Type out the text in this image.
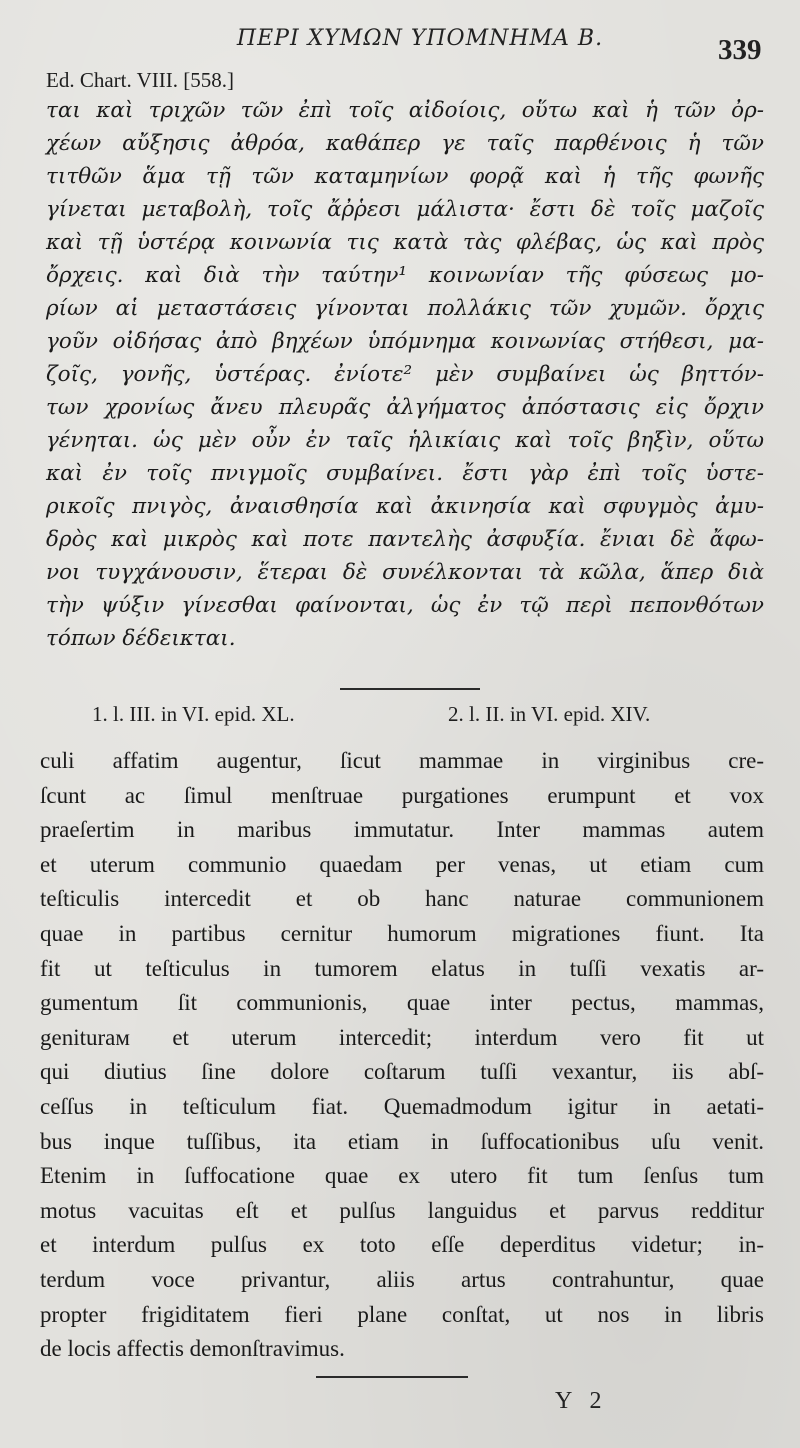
ΠΕΡΙ ΧΥΜΩΝ ΥΠΟΜΝΗΜΑ Β.	339
Ed. Chart. VIII. [558.]
ται καὶ τριχῶν τῶν ἐπὶ τοῖς αἰδοίοις, οὕτω καὶ ἡ τῶν ὀρ-
χέων αὔξησις ἀθρόα, καθάπερ γε ταῖς παρθένοις ἡ τῶν
τιτθῶν ἅμα τῇ τῶν καταμηνίων φορᾷ καὶ ἡ τῆς φωνῆς
γίνεται μεταβολὴ, τοῖς ἄῤῥεσι μάλιστα· ἔστι δὲ τοῖς μαζοῖς
καὶ τῇ ὑστέρᾳ κοινωνία τις κατὰ τὰς φλέβας, ὡς καὶ πρὸς
ὄρχεις. καὶ διὰ τὴν ταύτην¹ κοινωνίαν τῆς φύσεως μο-
ρίων αἱ μεταστάσεις γίνονται πολλάκις τῶν χυμῶν. ὄρχις
γοῦν οἰδήσας ἀπὸ βηχέων ὑπόμνημα κοινωνίας στήθεσι, μα-
ζοῖς, γονῆς, ὑστέρας. ἐνίοτε² μὲν συμβαίνει ὡς βηττόν-
των χρονίως ἄνευ πλευρᾶς ἀλγήματος ἀπόστασις εἰς ὄρχιν
γένηται. ὡς μὲν οὖν ἐν ταῖς ἡλικίαις καὶ τοῖς βηξὶν, οὕτω
καὶ ἐν τοῖς πνιγμοῖς συμβαίνει. ἔστι γὰρ ἐπὶ τοῖς ὑστε-
ρικοῖς πνιγὸς, ἀναισθησία καὶ ἀκινησία καὶ σφυγμὸς ἀμυ-
δρὸς καὶ μικρὸς καὶ ποτε παντελὴς ἀσφυξία. ἔνιαι δὲ ἄφω-
νοι τυγχάνουσιν, ἕτεραι δὲ συνέλκονται τὰ κῶλα, ἅπερ διὰ
τὴν ψύξιν γίνεσθαι φαίνονται, ὡς ἐν τῷ περὶ πεπονθότων
τόπων δέδεικται.
1. l. III. in VI. epid. XL.	2. l. II. in VI. epid. XIV.
culi affatim augentur, ſicut mammae in virginibus cre-
ſcunt ac ſimul menſtruae purgationes erumpunt et vox
praeſertim in maribus immutatur. Inter mammas autem
et uterum communio quaedam per venas, ut etiam cum
teſticulis intercedit et ob hanc naturae communionem
quae in partibus cernitur humorum migrationes fiunt. Ita
fit ut teſticulus in tumorem elatus in tuſſi vexatis ar-
gumentum ſit communionis, quae inter pectus, mammas,
geniturам et uterum intercedit; interdum vero fit ut
qui diutius ſine dolore coſtarum tuſſi vexantur, iis abſ-
ceſſus in teſticulum fiat. Quemadmodum igitur in aetati-
bus inque tuſſibus, ita etiam in ſuffocationibus uſu venit.
Etenim in ſuffocatione quae ex utero fit tum ſenſus tum
motus vacuitas eſt et pulſus languidus et parvus redditur
et interdum pulſus ex toto eſſe deperditus videtur; in-
terdum voce privantur, aliis artus contrahuntur, quae
propter frigiditatem fieri plane conſtat, ut nos in libris
de locis affectis demonſtravimus.
Y 2
